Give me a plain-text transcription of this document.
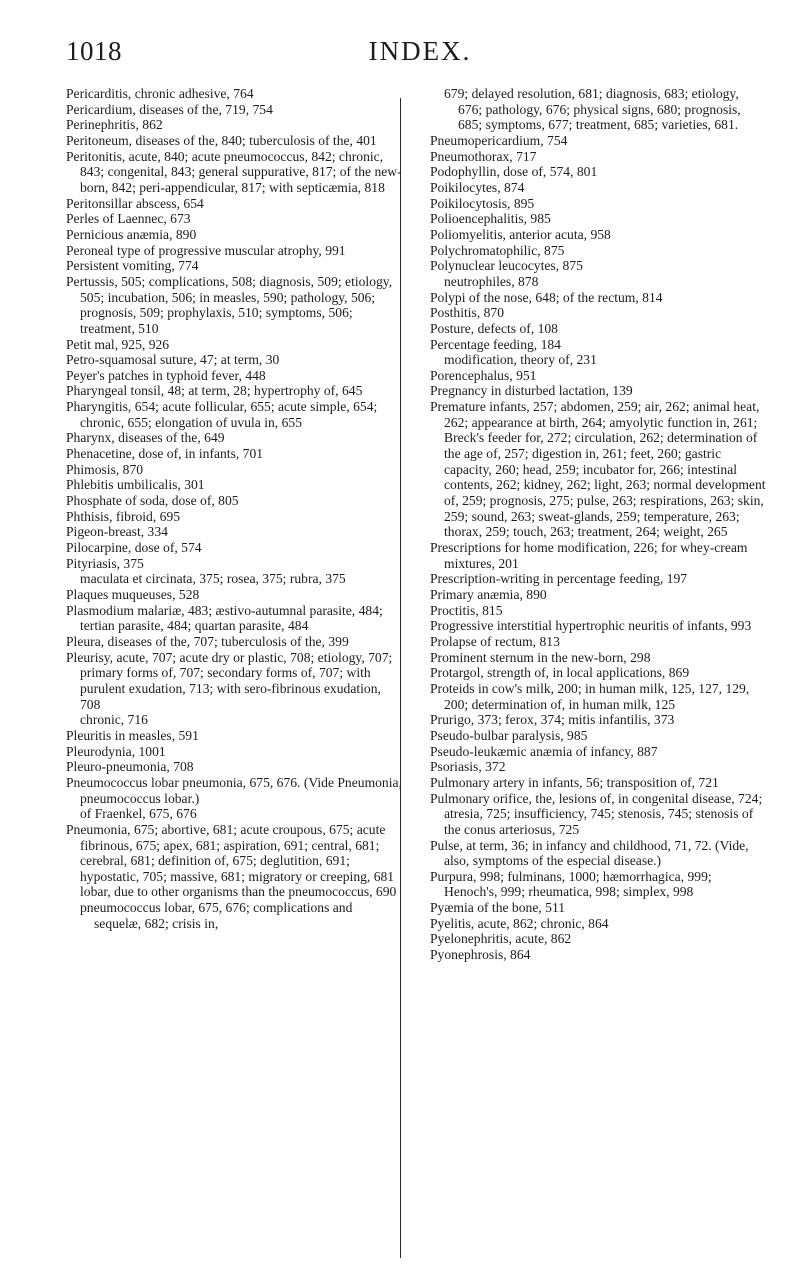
1018	INDEX.
Pericarditis, chronic adhesive, 764
Pericardium, diseases of the, 719, 754
Perinephritis, 862
Peritoneum, diseases of the, 840; tuberculosis of the, 401
Peritonitis, acute, 840; acute pneumococcus, 842; chronic, 843; congenital, 843; general suppurative, 817; of the new-born, 842; peri-appendicular, 817; with septicæmia, 818
Peritonsillar abscess, 654
Perles of Laennec, 673
Pernicious anæmia, 890
Peroneal type of progressive muscular atrophy, 991
Persistent vomiting, 774
Pertussis, 505; complications, 508; diagnosis, 509; etiology, 505; incubation, 506; in measles, 590; pathology, 506; prognosis, 509; prophylaxis, 510; symptoms, 506; treatment, 510
Petit mal, 925, 926
Petro-squamosal suture, 47; at term, 30
Peyer's patches in typhoid fever, 448
Pharyngeal tonsil, 48; at term, 28; hypertrophy of, 645
Pharyngitis, 654; acute follicular, 655; acute simple, 654; chronic, 655; elongation of uvula in, 655
Pharynx, diseases of the, 649
Phenacetine, dose of, in infants, 701
Phimosis, 870
Phlebitis umbilicalis, 301
Phosphate of soda, dose of, 805
Phthisis, fibroid, 695
Pigeon-breast, 334
Pilocarpine, dose of, 574
Pityriasis, 375
maculata et circinata, 375; rosea, 375; rubra, 375
Plaques muqueuses, 528
Plasmodium malariæ, 483; æstivo-autumnal parasite, 484; tertian parasite, 484; quartan parasite, 484
Pleura, diseases of the, 707; tuberculosis of the, 399
Pleurisy, acute, 707; acute dry or plastic, 708; etiology, 707; primary forms of, 707; secondary forms of, 707; with purulent exudation, 713; with sero-fibrinous exudation, 708
chronic, 716
Pleuritis in measles, 591
Pleurodynia, 1001
Pleuro-pneumonia, 708
Pneumococcus lobar pneumonia, 675, 676. (Vide Pneumonia, pneumococcus lobar.)
of Fraenkel, 675, 676
Pneumonia, 675; abortive, 681; acute croupous, 675; acute fibrinous, 675; apex, 681; aspiration, 691; central, 681; cerebral, 681; definition of, 675; deglutition, 691; hypostatic, 705; massive, 681; migratory or creeping, 681
lobar, due to other organisms than the pneumococcus, 690
pneumococcus lobar, 675, 676; complications and sequelæ, 682; crisis in,
679; delayed resolution, 681; diagnosis, 683; etiology, 676; pathology, 676; physical signs, 680; prognosis, 685; symptoms, 677; treatment, 685; varieties, 681.
Pneumopericardium, 754
Pneumothorax, 717
Podophyllin, dose of, 574, 801
Poikilocytes, 874
Poikilocytosis, 895
Polioencephalitis, 985
Poliomyelitis, anterior acuta, 958
Polychromatophilic, 875
Polynuclear leucocytes, 875
neutrophiles, 878
Polypi of the nose, 648; of the rectum, 814
Posthitis, 870
Posture, defects of, 108
Percentage feeding, 184
modification, theory of, 231
Porencephalus, 951
Pregnancy in disturbed lactation, 139
Premature infants, 257; abdomen, 259; air, 262; animal heat, 262; appearance at birth, 264; amyolytic function in, 261; Breck's feeder for, 272; circulation, 262; determination of the age of, 257; digestion in, 261; feet, 260; gastric capacity, 260; head, 259; incubator for, 266; intestinal contents, 262; kidney, 262; light, 263; normal development of, 259; prognosis, 275; pulse, 263; respirations, 263; skin, 259; sound, 263; sweat-glands, 259; temperature, 263; thorax, 259; touch, 263; treatment, 264; weight, 265
Prescriptions for home modification, 226; for whey-cream mixtures, 201
Prescription-writing in percentage feeding, 197
Primary anæmia, 890
Proctitis, 815
Progressive interstitial hypertrophic neuritis of infants, 993
Prolapse of rectum, 813
Prominent sternum in the new-born, 298
Protargol, strength of, in local applications, 869
Proteids in cow's milk, 200; in human milk, 125, 127, 129, 200; determination of, in human milk, 125
Prurigo, 373; ferox, 374; mitis infantilis, 373
Pseudo-bulbar paralysis, 985
Pseudo-leukæmic anæmia of infancy, 887
Psoriasis, 372
Pulmonary artery in infants, 56; transposition of, 721
Pulmonary orifice, the, lesions of, in congenital disease, 724; atresia, 725; insufficiency, 745; stenosis, 745; stenosis of the conus arteriosus, 725
Pulse, at term, 36; in infancy and childhood, 71, 72. (Vide, also, symptoms of the especial disease.)
Purpura, 998; fulminans, 1000; hæmorrhagica, 999; Henoch's, 999; rheumatica, 998; simplex, 998
Pyæmia of the bone, 511
Pyelitis, acute, 862; chronic, 864
Pyelonephritis, acute, 862
Pyonephrosis, 864
